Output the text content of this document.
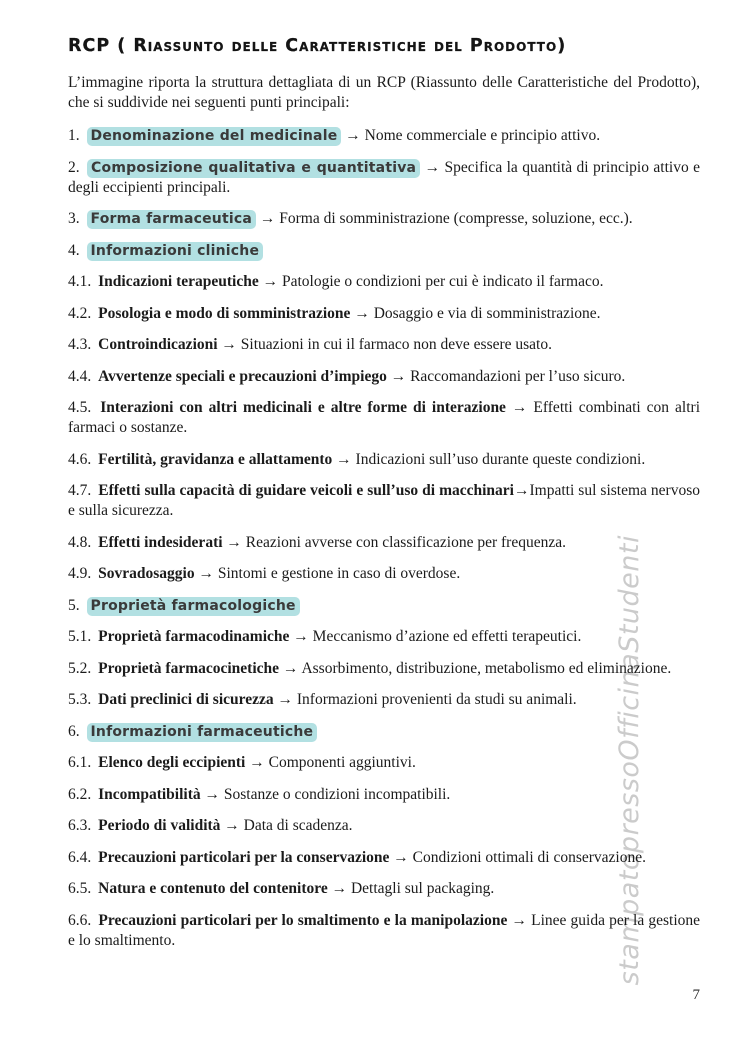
stampatopressoOfficinaStudenti
RCP ( Riassunto delle Caratteristiche del Prodotto)

L’immagine riporta la struttura dettagliata di un RCP (Riassunto delle Caratteristiche del Prodotto), che si suddivide nei seguenti punti principali:

1. Denominazione del medicinale → Nome commerciale e principio attivo.

2. Composizione qualitativa e quantitativa → Specifica la quantità di principio attivo e degli eccipienti principali.

3. Forma farmaceutica → Forma di somministrazione (compresse, soluzione, ecc.).

4. Informazioni cliniche

4.1. Indicazioni terapeutiche → Patologie o condizioni per cui è indicato il farmaco.

4.2. Posologia e modo di somministrazione → Dosaggio e via di somministrazione.

4.3. Controindicazioni → Situazioni in cui il farmaco non deve essere usato.

4.4. Avvertenze speciali e precauzioni d’impiego → Raccomandazioni per l’uso sicuro.

4.5. Interazioni con altri medicinali e altre forme di interazione → Effetti combinati con altri farmaci o sostanze.

4.6. Fertilità, gravidanza e allattamento → Indicazioni sull’uso durante queste condizioni.

4.7. Effetti sulla capacità di guidare veicoli e sull’uso di macchinari→Impatti sul sistema nervoso e sulla sicurezza.

4.8. Effetti indesiderati → Reazioni avverse con classificazione per frequenza.

4.9. Sovradosaggio → Sintomi e gestione in caso di overdose.

5. Proprietà farmacologiche

5.1. Proprietà farmacodinamiche → Meccanismo d’azione ed effetti terapeutici.

5.2. Proprietà farmacocinetiche → Assorbimento, distribuzione, metabolismo ed eliminazione.

5.3. Dati preclinici di sicurezza → Informazioni provenienti da studi su animali.

6. Informazioni farmaceutiche

6.1. Elenco degli eccipienti → Componenti aggiuntivi.

6.2. Incompatibilità → Sostanze o condizioni incompatibili.

6.3. Periodo di validità → Data di scadenza.

6.4. Precauzioni particolari per la conservazione → Condizioni ottimali di conservazione.

6.5. Natura e contenuto del contenitore → Dettagli sul packaging.

6.6. Precauzioni particolari per lo smaltimento e la manipolazione → Linee guida per la gestione e lo smaltimento.

7
